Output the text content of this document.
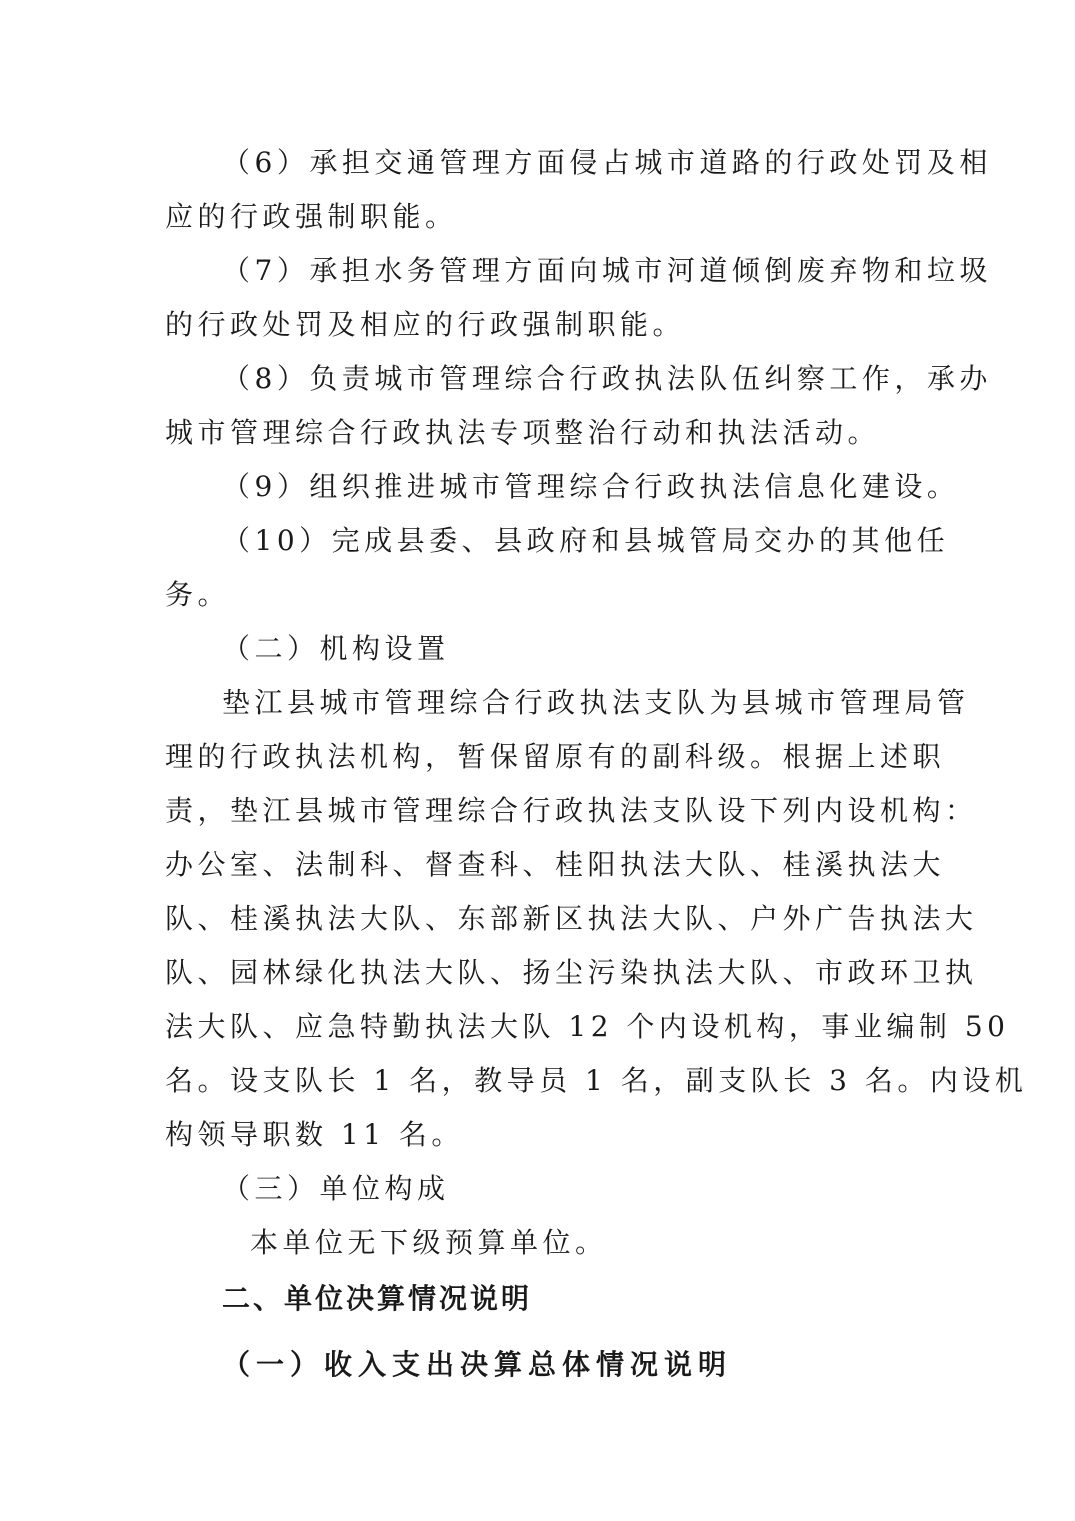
（6）承担交通管理方面侵占城市道路的行政处罚及相

应的行政强制职能。

（7）承担水务管理方面向城市河道倾倒废弃物和垃圾

的行政处罚及相应的行政强制职能。

（8）负责城市管理综合行政执法队伍纠察工作，承办

城市管理综合行政执法专项整治行动和执法活动。

（9）组织推进城市管理综合行政执法信息化建设。

（10）完成县委、县政府和县城管局交办的其他任

务。

（二）机构设置

垫江县城市管理综合行政执法支队为县城市管理局管

理的行政执法机构，暂保留原有的副科级。根据上述职

责，垫江县城市管理综合行政执法支队设下列内设机构：

办公室、法制科、督查科、桂阳执法大队、桂溪执法大

队、桂溪执法大队、东部新区执法大队、户外广告执法大

队、园林绿化执法大队、扬尘污染执法大队、市政环卫执

法大队、应急特勤执法大队 12 个内设机构，事业编制 50

名。设支队长 1 名，教导员 1 名，副支队长 3 名。内设机

构领导职数 11 名。

（三）单位构成

本单位无下级预算单位。

二、单位决算情况说明

（一）收入支出决算总体情况说明
